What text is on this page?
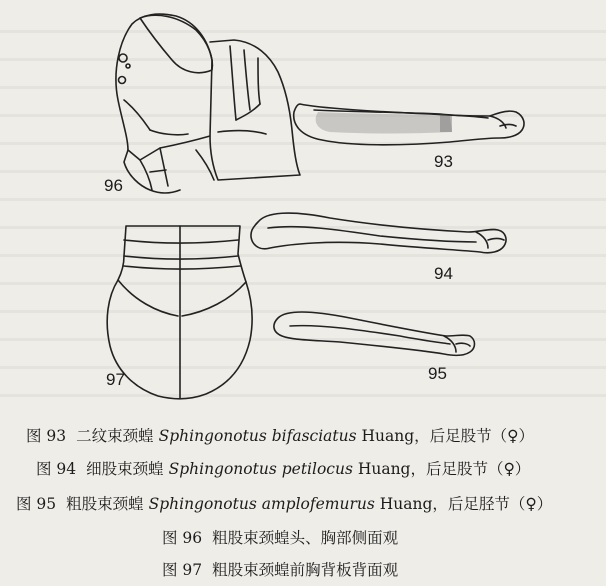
96
93
94
95
97
图 93 二纹束颈蝗 Sphingonotus bifasciatus Huang，后足股节（♀）
图 94 细股束颈蝗 Sphingonotus petilocus Huang，后足股节（♀）
图 95 粗股束颈蝗 Sphingonotus amplofemurus Huang，后足胫节（♀）
图 96 粗股束颈蝗头、胸部侧面观
图 97 粗股束颈蝗前胸背板背面观
